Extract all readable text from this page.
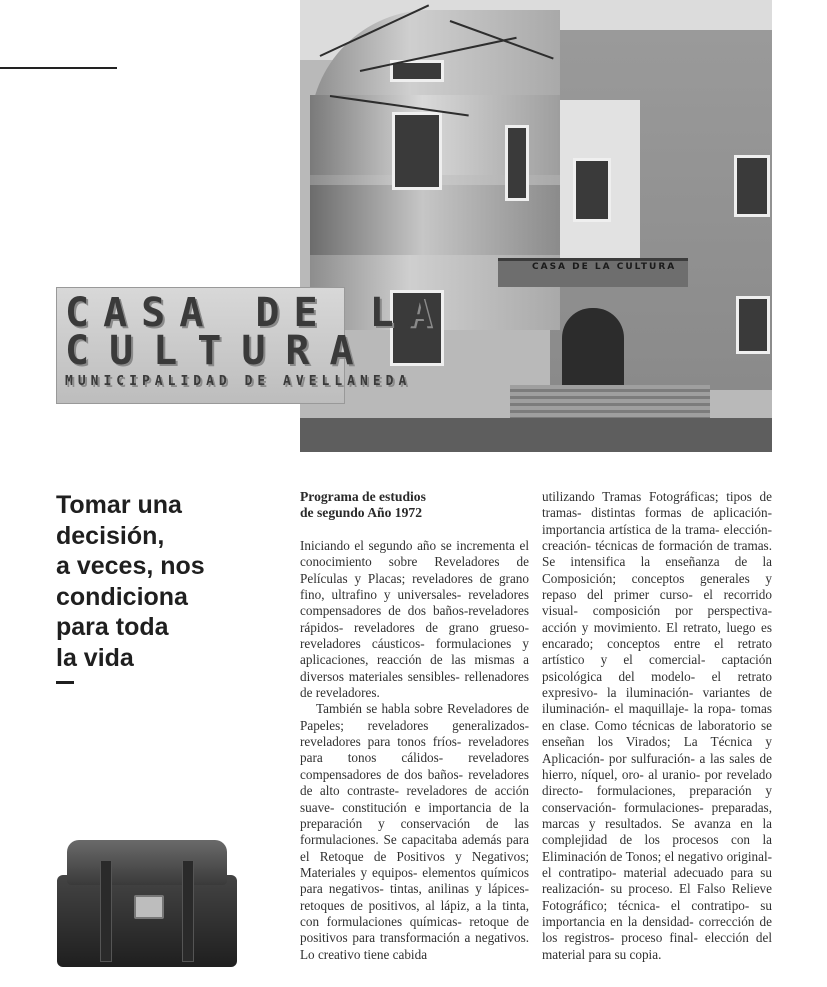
CASA DE LA CULTURA
CASA DE LA
CULTURA
MUNICIPALIDAD DE AVELLANEDA
Tomar una
decisión,
a veces, nos
condiciona
para toda
la vida
Programa de estudios
de segundo Año 1972

Iniciando el segundo año se incrementa el conocimiento sobre Reveladores de Películas y Placas; reveladores de grano fino, ultrafino y universales- reveladores compensadores de dos baños-reveladores rápidos- reveladores de grano grueso- reveladores cáusticos- formulaciones y aplicaciones, reacción de las mismas a diversos materiales sensibles- rellenadores de reveladores.

También se habla sobre Reveladores de Papeles; reveladores generalizados- reveladores para tonos fríos- reveladores para tonos cálidos- reveladores compensadores de dos baños- reveladores de alto contraste- reveladores de acción suave- constitución e importancia de la preparación y conservación de las formulaciones. Se capacitaba además para el Retoque de Positivos y Negativos; Materiales y equipos- elementos químicos para negativos- tintas, anilinas y lápices- retoques de positivos, al lápiz, a la tinta, con formulaciones químicas- retoque de positivos para transformación a negativos. Lo creativo tiene cabida

utilizando Tramas Fotográficas; tipos de tramas- distintas formas de aplicación- importancia artística de la trama- elección- creación- técnicas de formación de tramas. Se intensifica la enseñanza de la Composición; conceptos generales y repaso del primer curso- el recorrido visual- composición por perspectiva- acción y movimiento. El retrato, luego es encarado; conceptos entre el retrato artístico y el comercial- captación psicológica del modelo- el retrato expresivo- la iluminación- variantes de iluminación- el maquillaje- la ropa- tomas en clase. Como técnicas de laboratorio se enseñan los Virados; La Técnica y Aplicación- por sulfuración- a las sales de hierro, níquel, oro- al uranio- por revelado directo- formulaciones, preparación y conservación- formulaciones- preparadas, marcas y resultados. Se avanza en la complejidad de los procesos con la Eliminación de Tonos; el negativo original- el contratipo- material adecuado para su realización- su proceso. El Falso Relieve Fotográfico; técnica- el contratipo- su importancia en la densidad- corrección de los registros- proceso final- elección del material para su copia.
